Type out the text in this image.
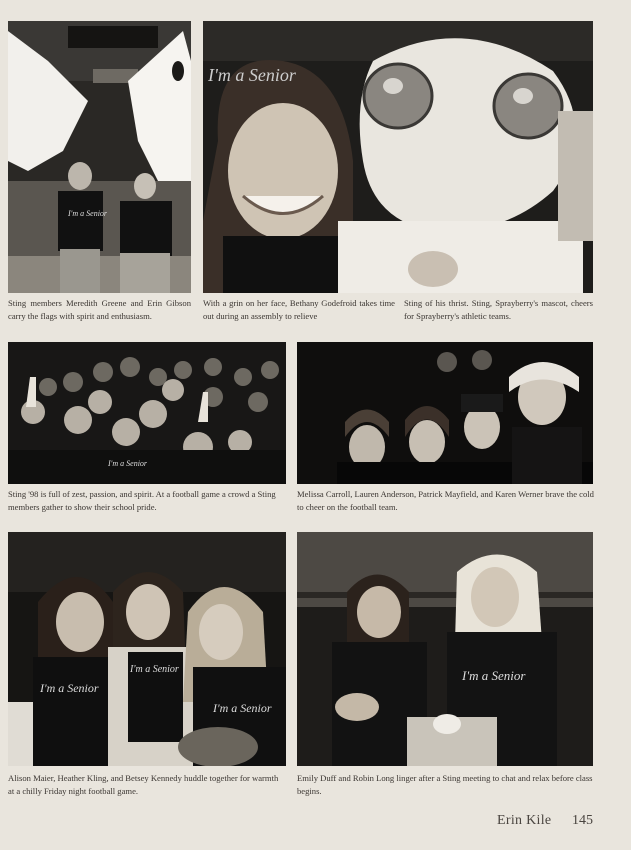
I'm a Senior

Sting members Meredith Greene and Erin Gibson carry the flags with spirit and enthusiasm.

I'm a Senior

With a grin on her face, Bethany Godefroid takes time out during an assembly to relieve

Sting of his thrist. Sting, Sprayberry's mascot, cheers for Sprayberry's athletic teams.

I'm a Senior

Sting '98 is full of zest, passion, and spirit. At a football game a crowd a Sting members gather to show their school pride.

Melissa Carroll, Lauren Anderson, Patrick Mayfield, and Karen Werner brave the cold to cheer on the football team.

I'm a Senior
I'm a Senior
I'm a Senior

Alison Maier, Heather Kling, and Betsey Kennedy huddle together for warmth at a chilly Friday night football game.

I'm a Senior

Emily Duff and Robin Long linger after a Sting meeting to chat and relax before class begins.

Erin Kile 145
